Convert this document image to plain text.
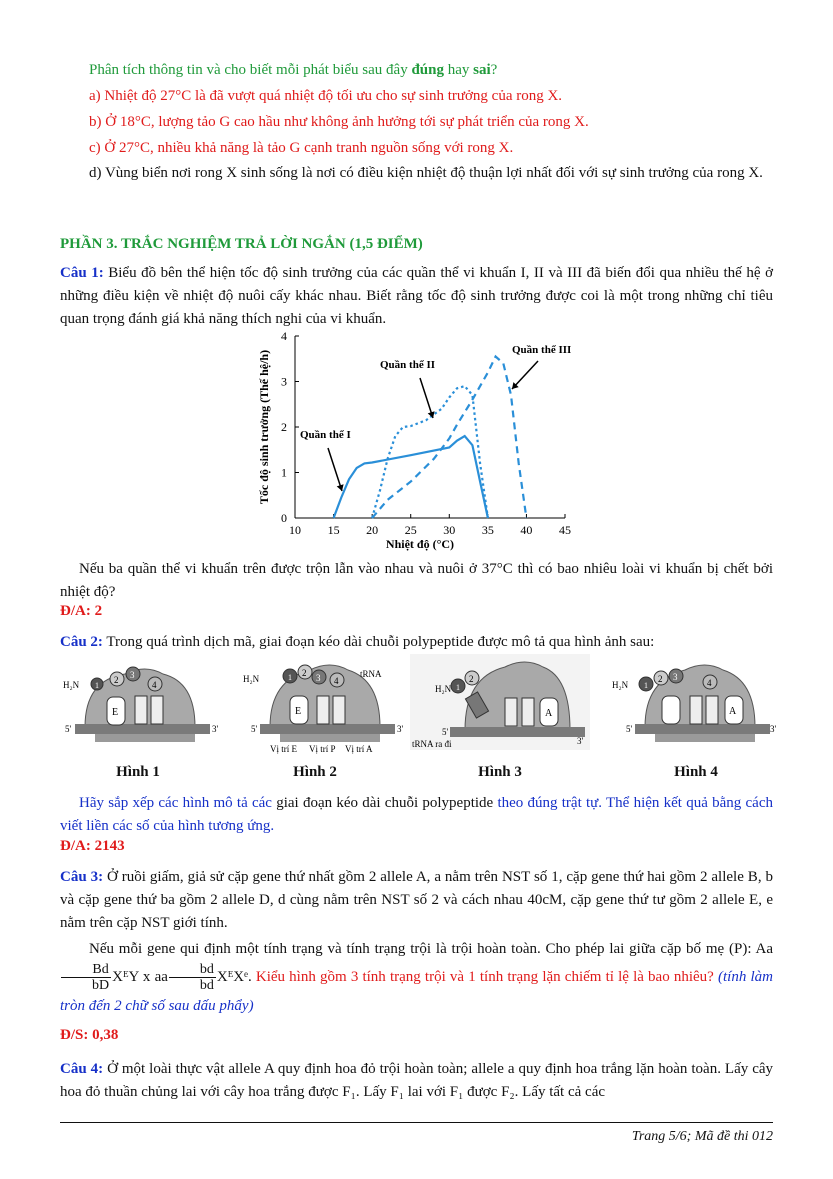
Phân tích thông tin và cho biết mỗi phát biểu sau đây đúng hay sai?
a) Nhiệt độ 27°C là đã vượt quá nhiệt độ tối ưu cho sự sinh trưởng của rong X.
b) Ở 18°C, lượng tảo G cao hầu như không ảnh hưởng tới sự phát triển của rong X.
c) Ở 27°C, nhiều khả năng là tảo G cạnh tranh nguồn sống với rong X.
d) Vùng biển nơi rong X sinh sống là nơi có điều kiện nhiệt độ thuận lợi nhất đối với sự sinh trưởng của rong X.
PHẦN 3. TRẮC NGHIỆM TRẢ LỜI NGẮN (1,5 ĐIỂM)
Câu 1: Biểu đồ bên thể hiện tốc độ sinh trưởng của các quần thể vi khuẩn I, II và III đã biến đổi qua nhiều thế hệ ở những điều kiện về nhiệt độ nuôi cấy khác nhau. Biết rằng tốc độ sinh trưởng được coi là một trong những chỉ tiêu quan trọng đánh giá khả năng thích nghi của vi khuẩn.
10 15 20 25 30 35 40 45
0
1
2
3
4
Nhiệt độ (°C)
Tốc độ sinh trưởng (Thế hệ/h)	Quần thể I
Quần thể II
Quần thể III
Nếu ba quần thể vi khuẩn trên được trộn lẫn vào nhau và nuôi ở 37°C thì có bao nhiêu loài vi khuẩn bị chết bởi nhiệt độ?
Đ/A: 2
Câu 2: Trong quá trình dịch mã, giai đoạn kéo dài chuỗi polypeptide được mô tả qua hình ảnh sau:
2 3
1	4
E
H₂N
5'	3'
1 2 3 4
E
H₂N	tRNA
5'	3'
Vị trí E Vị trí P Vị trí A
1
2
A
H₂N
tRNA ra đi
5'
3'
1
2 3
4
A
H₂N
5'	3'
Hình 1	Hình 2	Hình 3	Hình 4
Hãy sắp xếp các hình mô tả các giai đoạn kéo dài chuỗi polypeptide theo đúng trật tự. Thể hiện kết quả bằng cách viết liền các số của hình tương ứng.
Đ/A: 2143
Câu 3: Ở ruồi giấm, giả sử cặp gene thứ nhất gồm 2 allele A, a nằm trên NST số 1, cặp gene thứ hai gồm 2 allele B, b và cặp gene thứ ba gồm 2 allele D, d cùng nằm trên NST số 2 và cách nhau 40cM, cặp gene thứ tư gồm 2 allele E, e nằm trên cặp NST giới tính.
Nếu mỗi gene qui định một tính trạng và tính trạng trội là trội hoàn toàn. Cho phép lai giữa cặp bố mẹ (P): Aa
$\frac{Bd}{bD}$ XᴱY x aa $\frac{bd}{bd}$ XᴱXᵉ. Kiểu hình gồm 3 tính trạng trội và 1 tính trạng lặn chiếm tỉ lệ là bao nhiêu? (tính làm tròn đến 2 chữ số sau dấu phẩy)
Đ/S: 0,38
Câu 4: Ở một loài thực vật allele A quy định hoa đỏ trội hoàn toàn; allele a quy định hoa trắng lặn hoàn toàn. Lấy cây hoa đỏ thuần chủng lai với cây hoa trắng được F₁. Lấy F₁ lai với F₁ được F₂. Lấy tất cả các
Trang 5/6; Mã đề thi 012
